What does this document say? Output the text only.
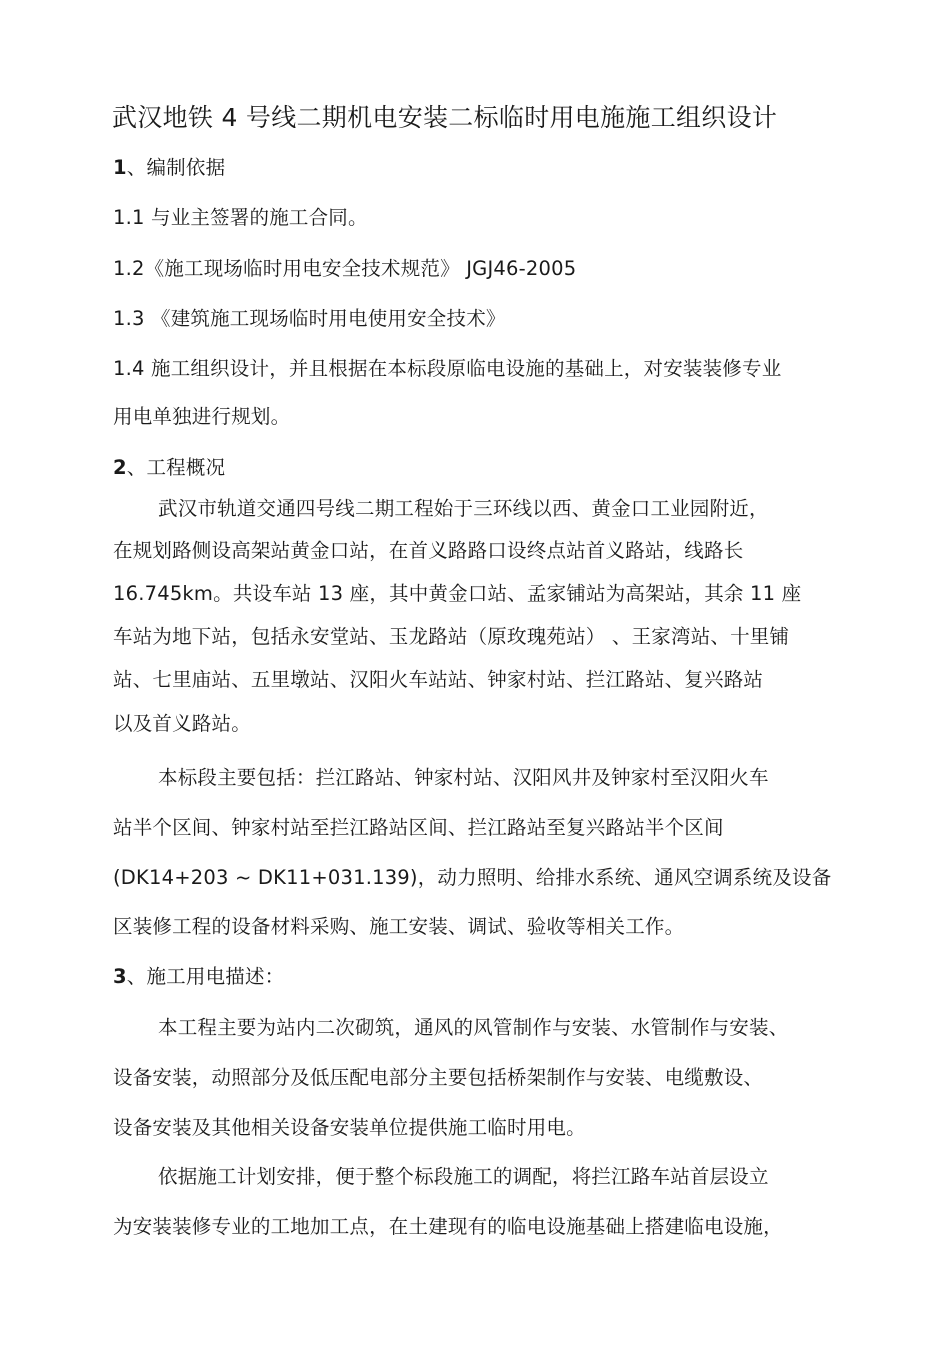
武汉地铁 4 号线二期机电安装二标临时用电施施工组织设计
1、编制依据
1.1 与业主签署的施工合同。
1.2《施工现场临时用电安全技术规范》 JGJ46-2005
1.3 《建筑施工现场临时用电使用安全技术》
1.4 施工组织设计，并且根据在本标段原临电设施的基础上，对安装装修专业
用电单独进行规划。
2、工程概况
武汉市轨道交通四号线二期工程始于三环线以西、黄金口工业园附近，
在规划路侧设高架站黄金口站，在首义路路口设终点站首义路站，线路长
16.745km。共设车站 13 座，其中黄金口站、孟家铺站为高架站，其余 11 座
车站为地下站，包括永安堂站、玉龙路站（原玫瑰苑站） 、王家湾站、十里铺
站、七里庙站、五里墩站、汉阳火车站站、钟家村站、拦江路站、复兴路站
以及首义路站。
本标段主要包括：拦江路站、钟家村站、汉阳风井及钟家村至汉阳火车
站半个区间、钟家村站至拦江路站区间、拦江路站至复兴路站半个区间
(DK14+203 ~ DK11+031.139)，动力照明、给排水系统、通风空调系统及设备
区装修工程的设备材料采购、施工安装、调试、验收等相关工作。
3、施工用电描述：
本工程主要为站内二次砌筑，通风的风管制作与安装、水管制作与安装、
设备安装，动照部分及低压配电部分主要包括桥架制作与安装、电缆敷设、
设备安装及其他相关设备安装单位提供施工临时用电。
依据施工计划安排，便于整个标段施工的调配，将拦江路车站首层设立
为安装装修专业的工地加工点，在土建现有的临电设施基础上搭建临电设施，
